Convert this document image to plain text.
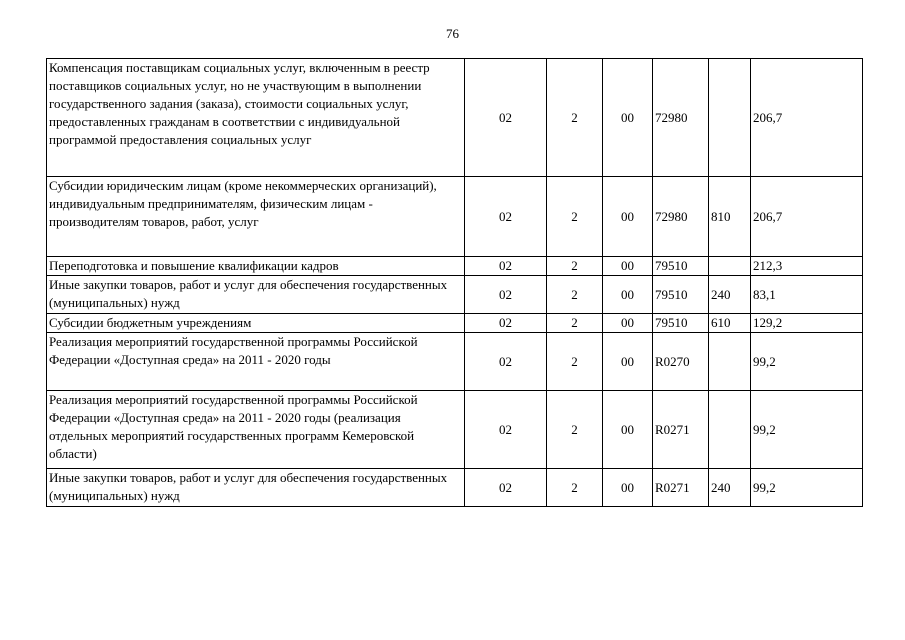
76
Компенсация поставщикам социальных услуг, включенным в реестр поставщиков социальных услуг, но не участвующим в выполнении государственного задания (заказа), стоимости социальных услуг, предоставленных гражданам в соответствии с индивидуальной программой предоставления социальных услуг	02	2	00	72980		206,7
Субсидии юридическим лицам (кроме некоммерческих организаций), индивидуальным предпринимателям, физическим лицам - производителям товаров, работ, услуг	02	2	00	72980	810	206,7
Переподготовка и повышение квалификации кадров	02	2	00	79510		212,3
Иные закупки товаров, работ и услуг для обеспечения государственных (муниципальных) нужд	02	2	00	79510	240	83,1
Субсидии бюджетным учреждениям	02	2	00	79510	610	129,2
Реализация мероприятий государственной программы Российской Федерации «Доступная среда» на 2011 - 2020 годы	02	2	00	R0270		99,2
Реализация мероприятий государственной программы Российской Федерации «Доступная среда» на 2011 - 2020 годы (реализация отдельных мероприятий государственных программ Кемеровской области)	02	2	00	R0271		99,2
Иные закупки товаров, работ и услуг для обеспечения государственных (муниципальных) нужд	02	2	00	R0271	240	99,2
